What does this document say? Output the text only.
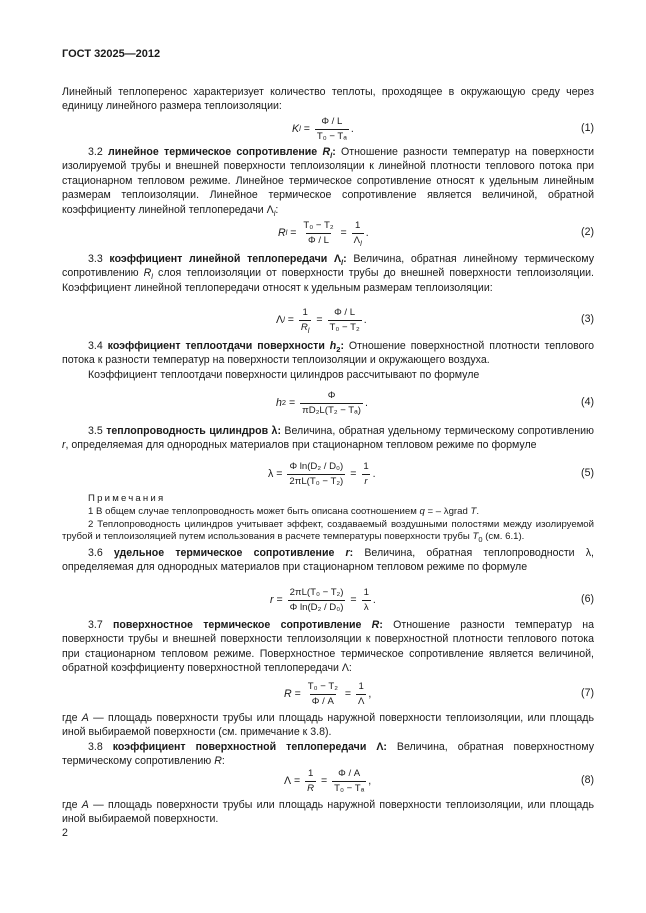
ГОСТ 32025—2012
Линейный теплоперенос характеризует количество теплоты, проходящее в окружающую среду через единицу линейного размера теплоизоляции:
K $l = \frac{\Phi / L}{\text{T₀ − Tₐ}}$ .	(1)
3.2 линейное термическое сопротивление $R_l$: Отношение разности температур на поверхности изолируемой трубы и внешней поверхности теплоизоляции к линейной плотности теплового потока при стационарном тепловом режиме. Линейное термическое сопротивление относят к удельным линейным размерам теплоизоляции. Линейное термическое сопротивление является величиной, обратной коэффициенту линейной теплопередачи $\Lambda_l$:
R $l = \frac{\text{T₀ − T₂}}{\Phi / L} = \frac{1}{\Lambda_l}$ .	(2)
3.3 коэффициент линейной теплопередачи $\Lambda_l$: Величина, обратная линейному термическому сопротивлению $R_l$ слоя теплоизоляции от поверхности трубы до внешней поверхности теплоизоляции. Коэффициент линейной теплопередачи относят к удельным размерам теплоизоляции:
Λ $l = \frac{1}{R_l} = \frac{\Phi / L}{\text{T₀ − T₂}}$ .	(3)
3.4 коэффициент теплоотдачи поверхности $h_2$: Отношение поверхностной плотности теплового потока к разности температур на поверхности теплоизоляции и окружающего воздуха.
Коэффициент теплоотдачи поверхности цилиндров рассчитывают по формуле
h $2 = \frac{\Phi}{\text{πD₂L(T₂ − Tₐ)}}$ .	(4)
3.5 теплопроводность цилиндров λ: Величина, обратная удельному термическому сопротивлению r, определяемая для однородных материалов при стационарном тепловом режиме по формуле
$\lambda = \frac{\text{Φ ln(D₂ / D₀)}}{\text{2πL(T₀ − T₂)}} = \frac{1}{r}$ .	(5)
Примечания
1 В общем случае теплопроводность может быть описана соотношением q = – λgrad T.
2 Теплопроводность цилиндров учитывает эффект, создаваемый воздушными полостями между изолируемой трубой и теплоизоляцией путем использования в расчете температуры поверхности трубы $T_0$ (см. 6.1).
3.6 удельное термическое сопротивление r: Величина, обратная теплопроводности λ, определяемая для однородных материалов при стационарном тепловом режиме по формуле
$r = \frac{\text{2πL(T₀ − T₂)}}{\text{Φ ln(D₂ / D₀)}} = \frac{1}{\lambda}$ .	(6)
3.7 поверхностное термическое сопротивление R: Отношение разности температур на поверхности трубы и внешней поверхности теплоизоляции к поверхностной плотности теплового потока при стационарном тепловом режиме. Поверхностное термическое сопротивление является величиной, обратной коэффициенту поверхностной теплопередачи Λ:
$R = \frac{\text{T₀ − T₂}}{\Phi / A} = \frac{1}{\Lambda}$ ,	(7)
где A — площадь поверхности трубы или площадь наружной поверхности теплоизоляции, или площадь иной выбираемой поверхности (см. примечание к 3.8).
3.8 коэффициент поверхностной теплопередачи Λ: Величина, обратная поверхностному термическому сопротивлению R:
$\Lambda = \frac{1}{R} = \frac{\Phi / A}{\text{T₀ − Tₐ}}$ ,	(8)
где A — площадь поверхности трубы или площадь наружной поверхности теплоизоляции, или площадь иной выбираемой поверхности.
2
